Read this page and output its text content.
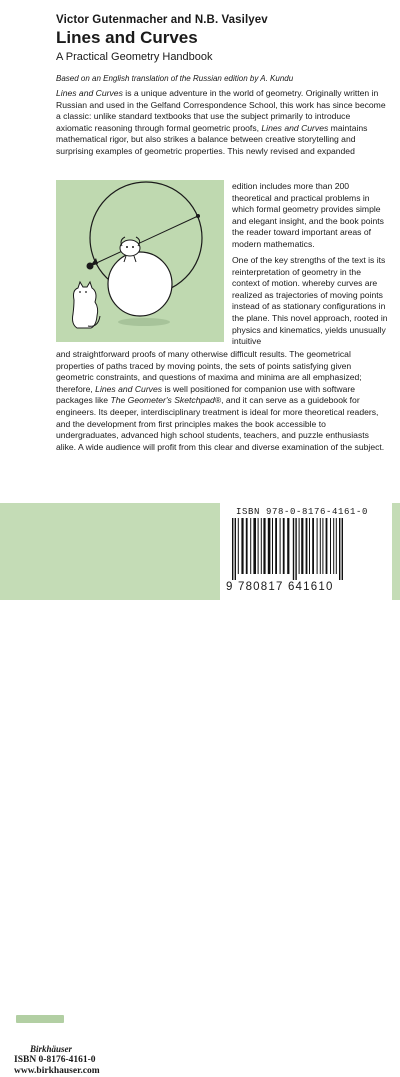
Victor Gutenmacher and N.B. Vasilyev
Lines and Curves
A Practical Geometry Handbook
Based on an English translation of the Russian edition by A. Kundu
Lines and Curves is a unique adventure in the world of geometry. Originally written in Russian and used in the Gelfand Correspondence School, this work has since become a classic: unlike standard textbooks that use the subject primarily to introduce axiomatic reasoning through formal geometric proofs, Lines and Curves maintains mathematical rigor, but also strikes a balance between creative storytelling and surprising examples of geometric properties. This newly revised and expanded
edition includes more than 200 theoretical and practical problems in which formal geometry provides simple and elegant insight, and the book points the reader toward important areas of modern mathematics.
One of the key strengths of the text is its reinterpretation of geometry in the context of motion. whereby curves are realized as trajectories of moving points instead of as stationary configurations in the plane. This novel approach, rooted in physics and kinematics, yields unusually intuitive
and straightforward proofs of many otherwise difficult results. The geometrical properties of paths traced by moving points, the sets of points satisfying given geometric constraints, and questions of maxima and minima are all emphasized; therefore, Lines and Curves is well positioned for companion use with software packages like The Geometer's Sketchpad®, and it can serve as a guidebook for engineers. Its deeper, interdisciplinary treatment is ideal for more theoretical readers, and the development from first principles makes the book accessible to undergraduates, advanced high school students, teachers, and puzzle enthusiasts alike. A wide audience will profit from this clear and diverse examination of the subject.
Birkhäuser
ISBN 0-8176-4161-0
www.birkhauser.com
ISBN 978-0-8176-4161-0
9 780817 641610
